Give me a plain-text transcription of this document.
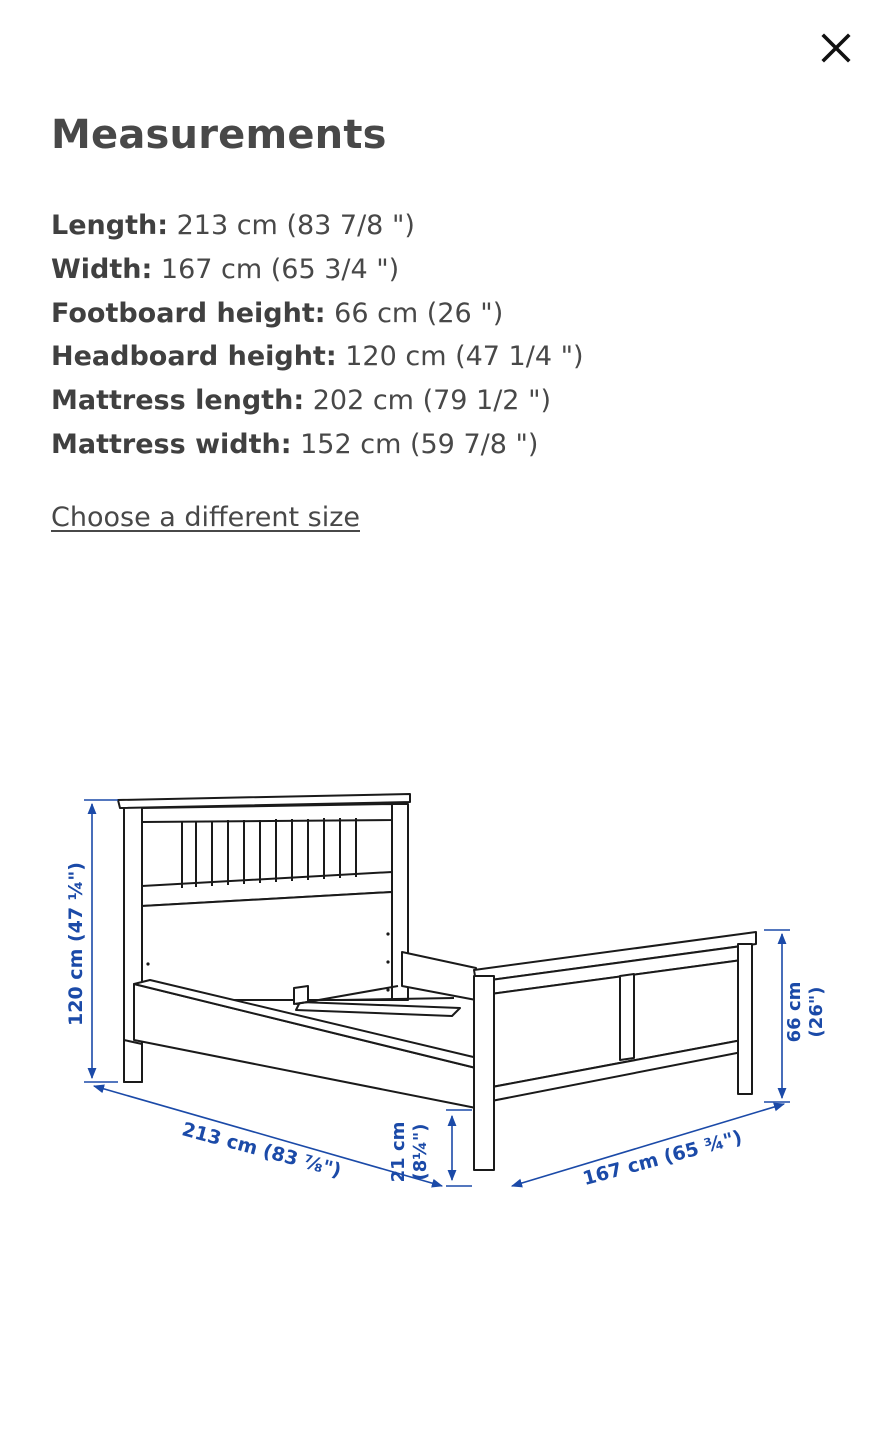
Measurements
Length: 213 cm (83 7/8 ")
Width: 167 cm (65 3/4 ")
Footboard height: 66 cm (26 ")
Headboard height: 120 cm (47 1/4 ")
Mattress length: 202 cm (79 1/2 ")
Mattress width: 152 cm (59 7/8 ")
Choose a different size
120 cm (47 ¼")
213 cm (83 ⅞") 21 cm (8¼")	167 cm (65 ¾")
66 cm (26")
